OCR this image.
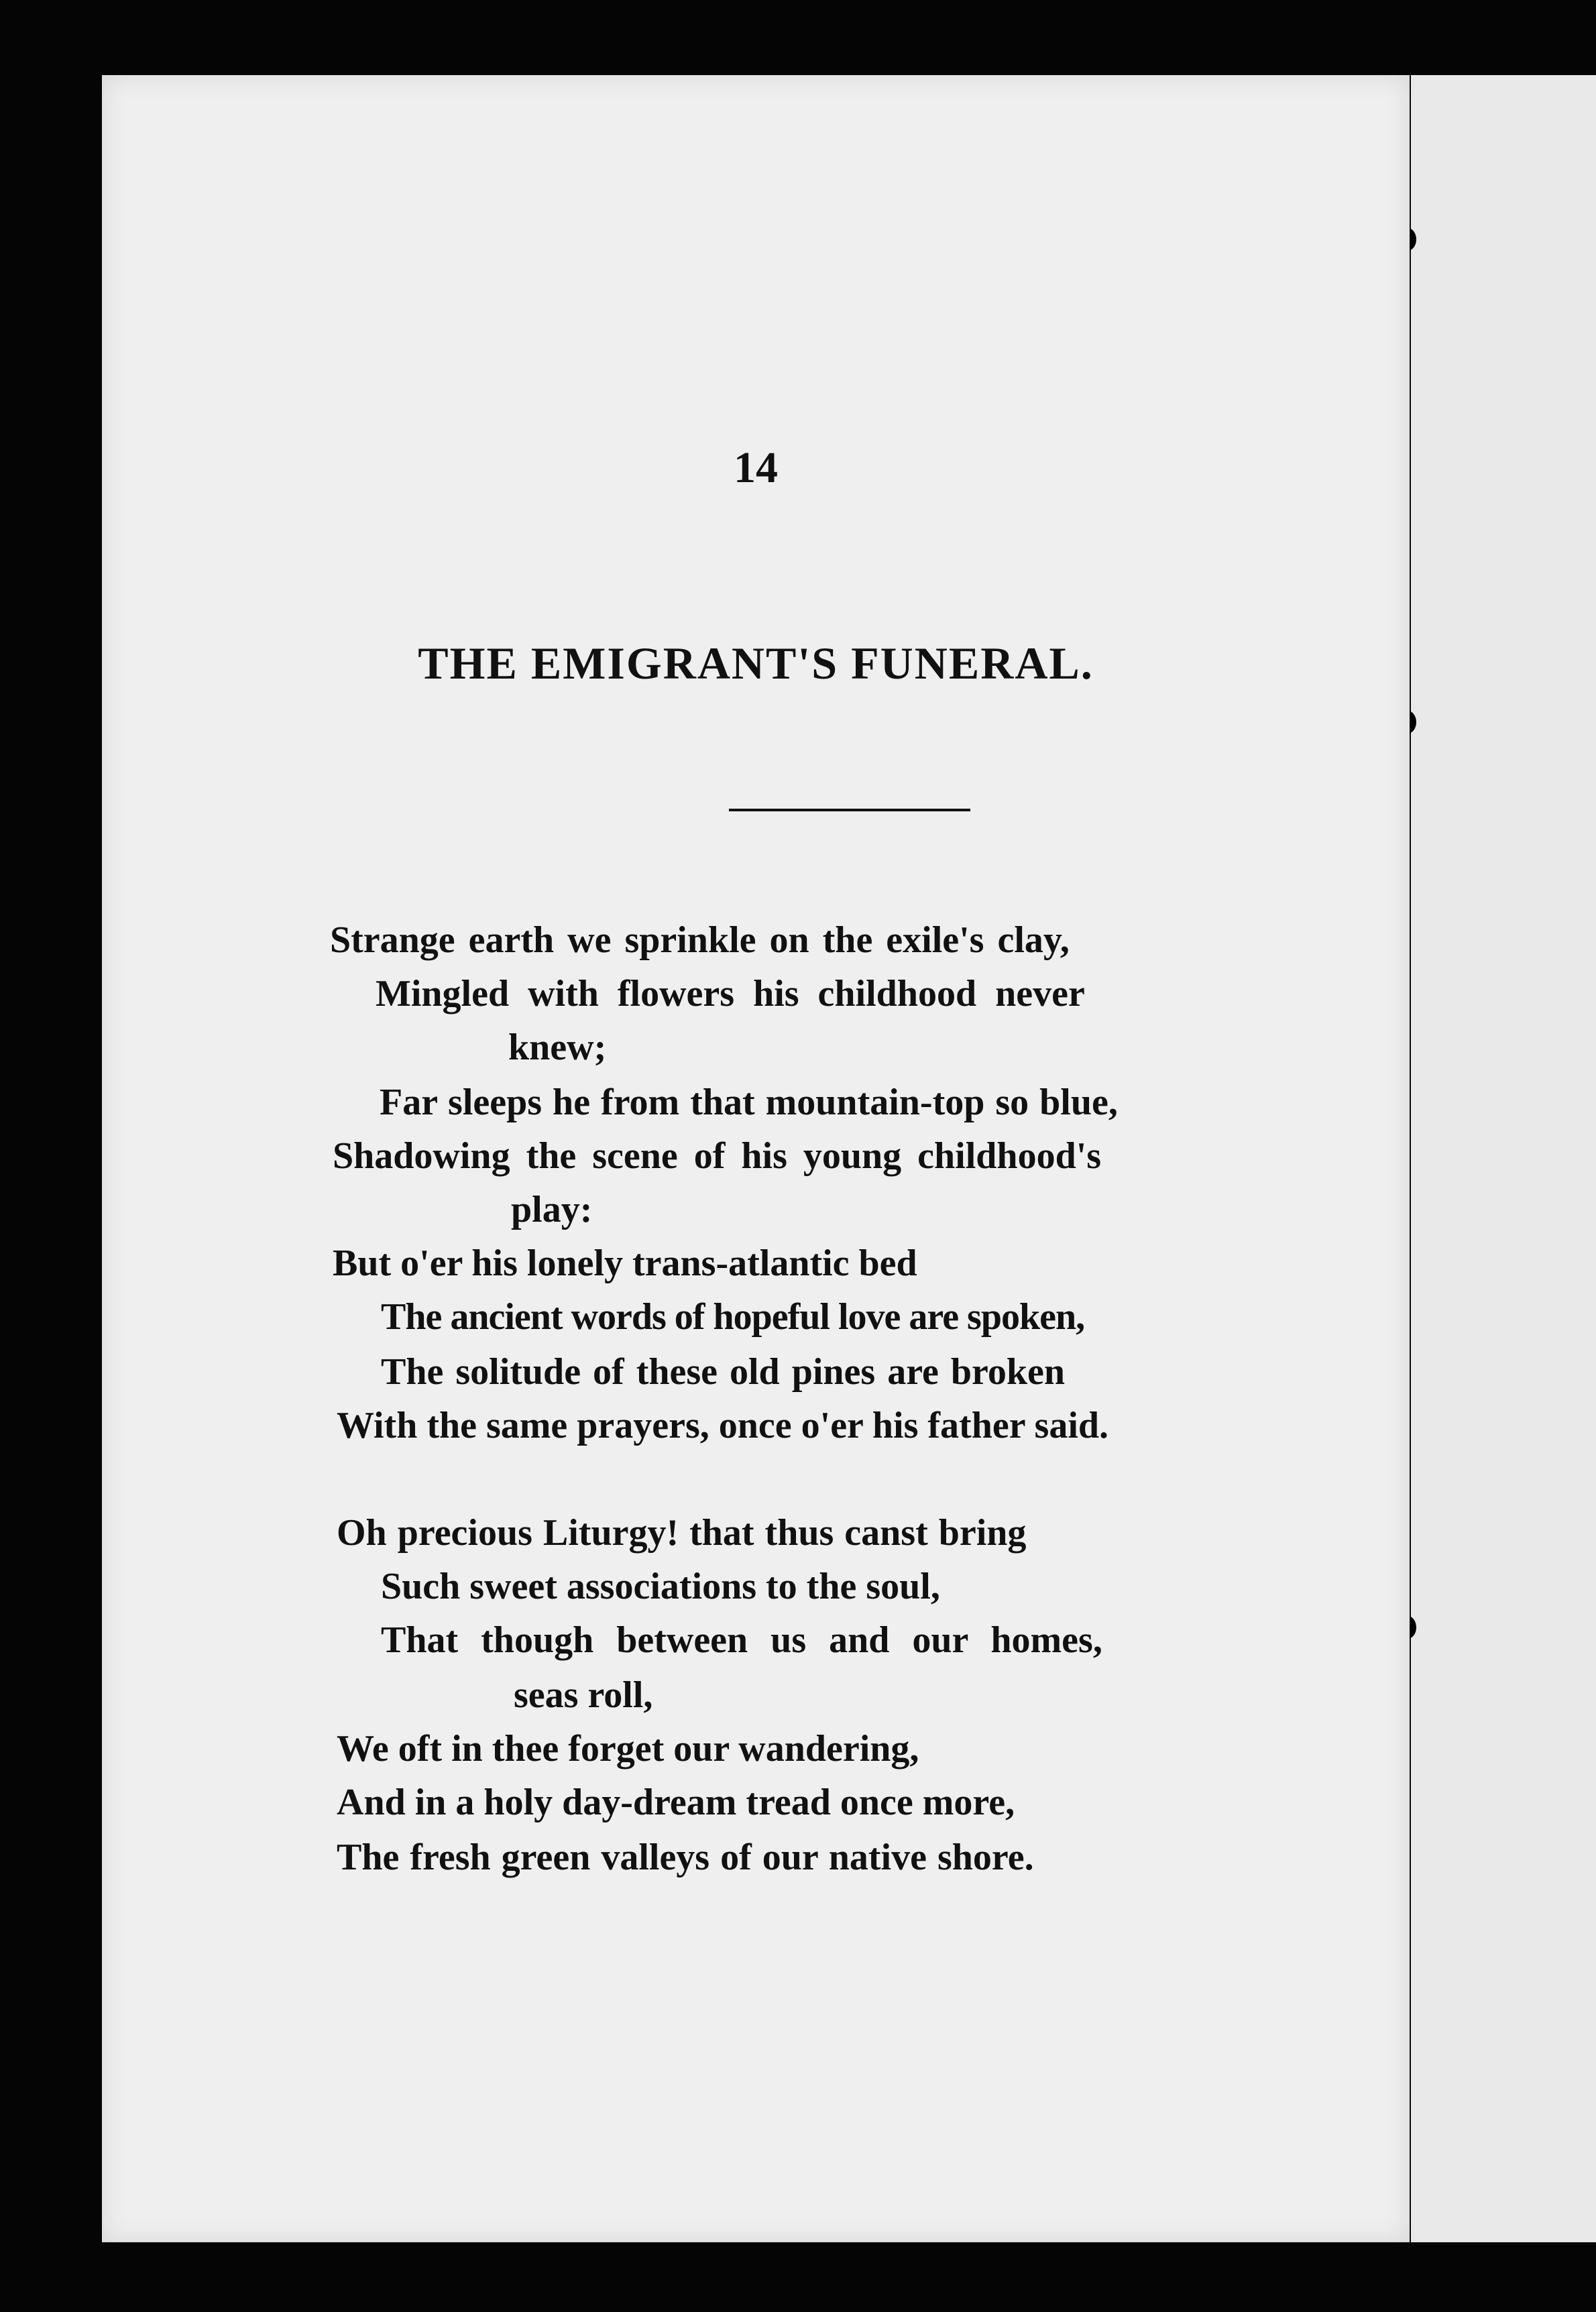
14
THE EMIGRANT'S FUNERAL.
Strange earth we sprinkle on the exile's clay,
Mingled with flowers his childhood never
knew;
Far sleeps he from that mountain-top so blue,
Shadowing the scene of his young childhood's
play:
But o'er his lonely trans-atlantic bed
The ancient words of hopeful love are spoken,
The solitude of these old pines are broken
With the same prayers, once o'er his father said.
Oh precious Liturgy! that thus canst bring
Such sweet associations to the soul,
That though between us and our homes,
seas roll,
We oft in thee forget our wandering,
And in a holy day-dream tread once more,
The fresh green valleys of our native shore.
